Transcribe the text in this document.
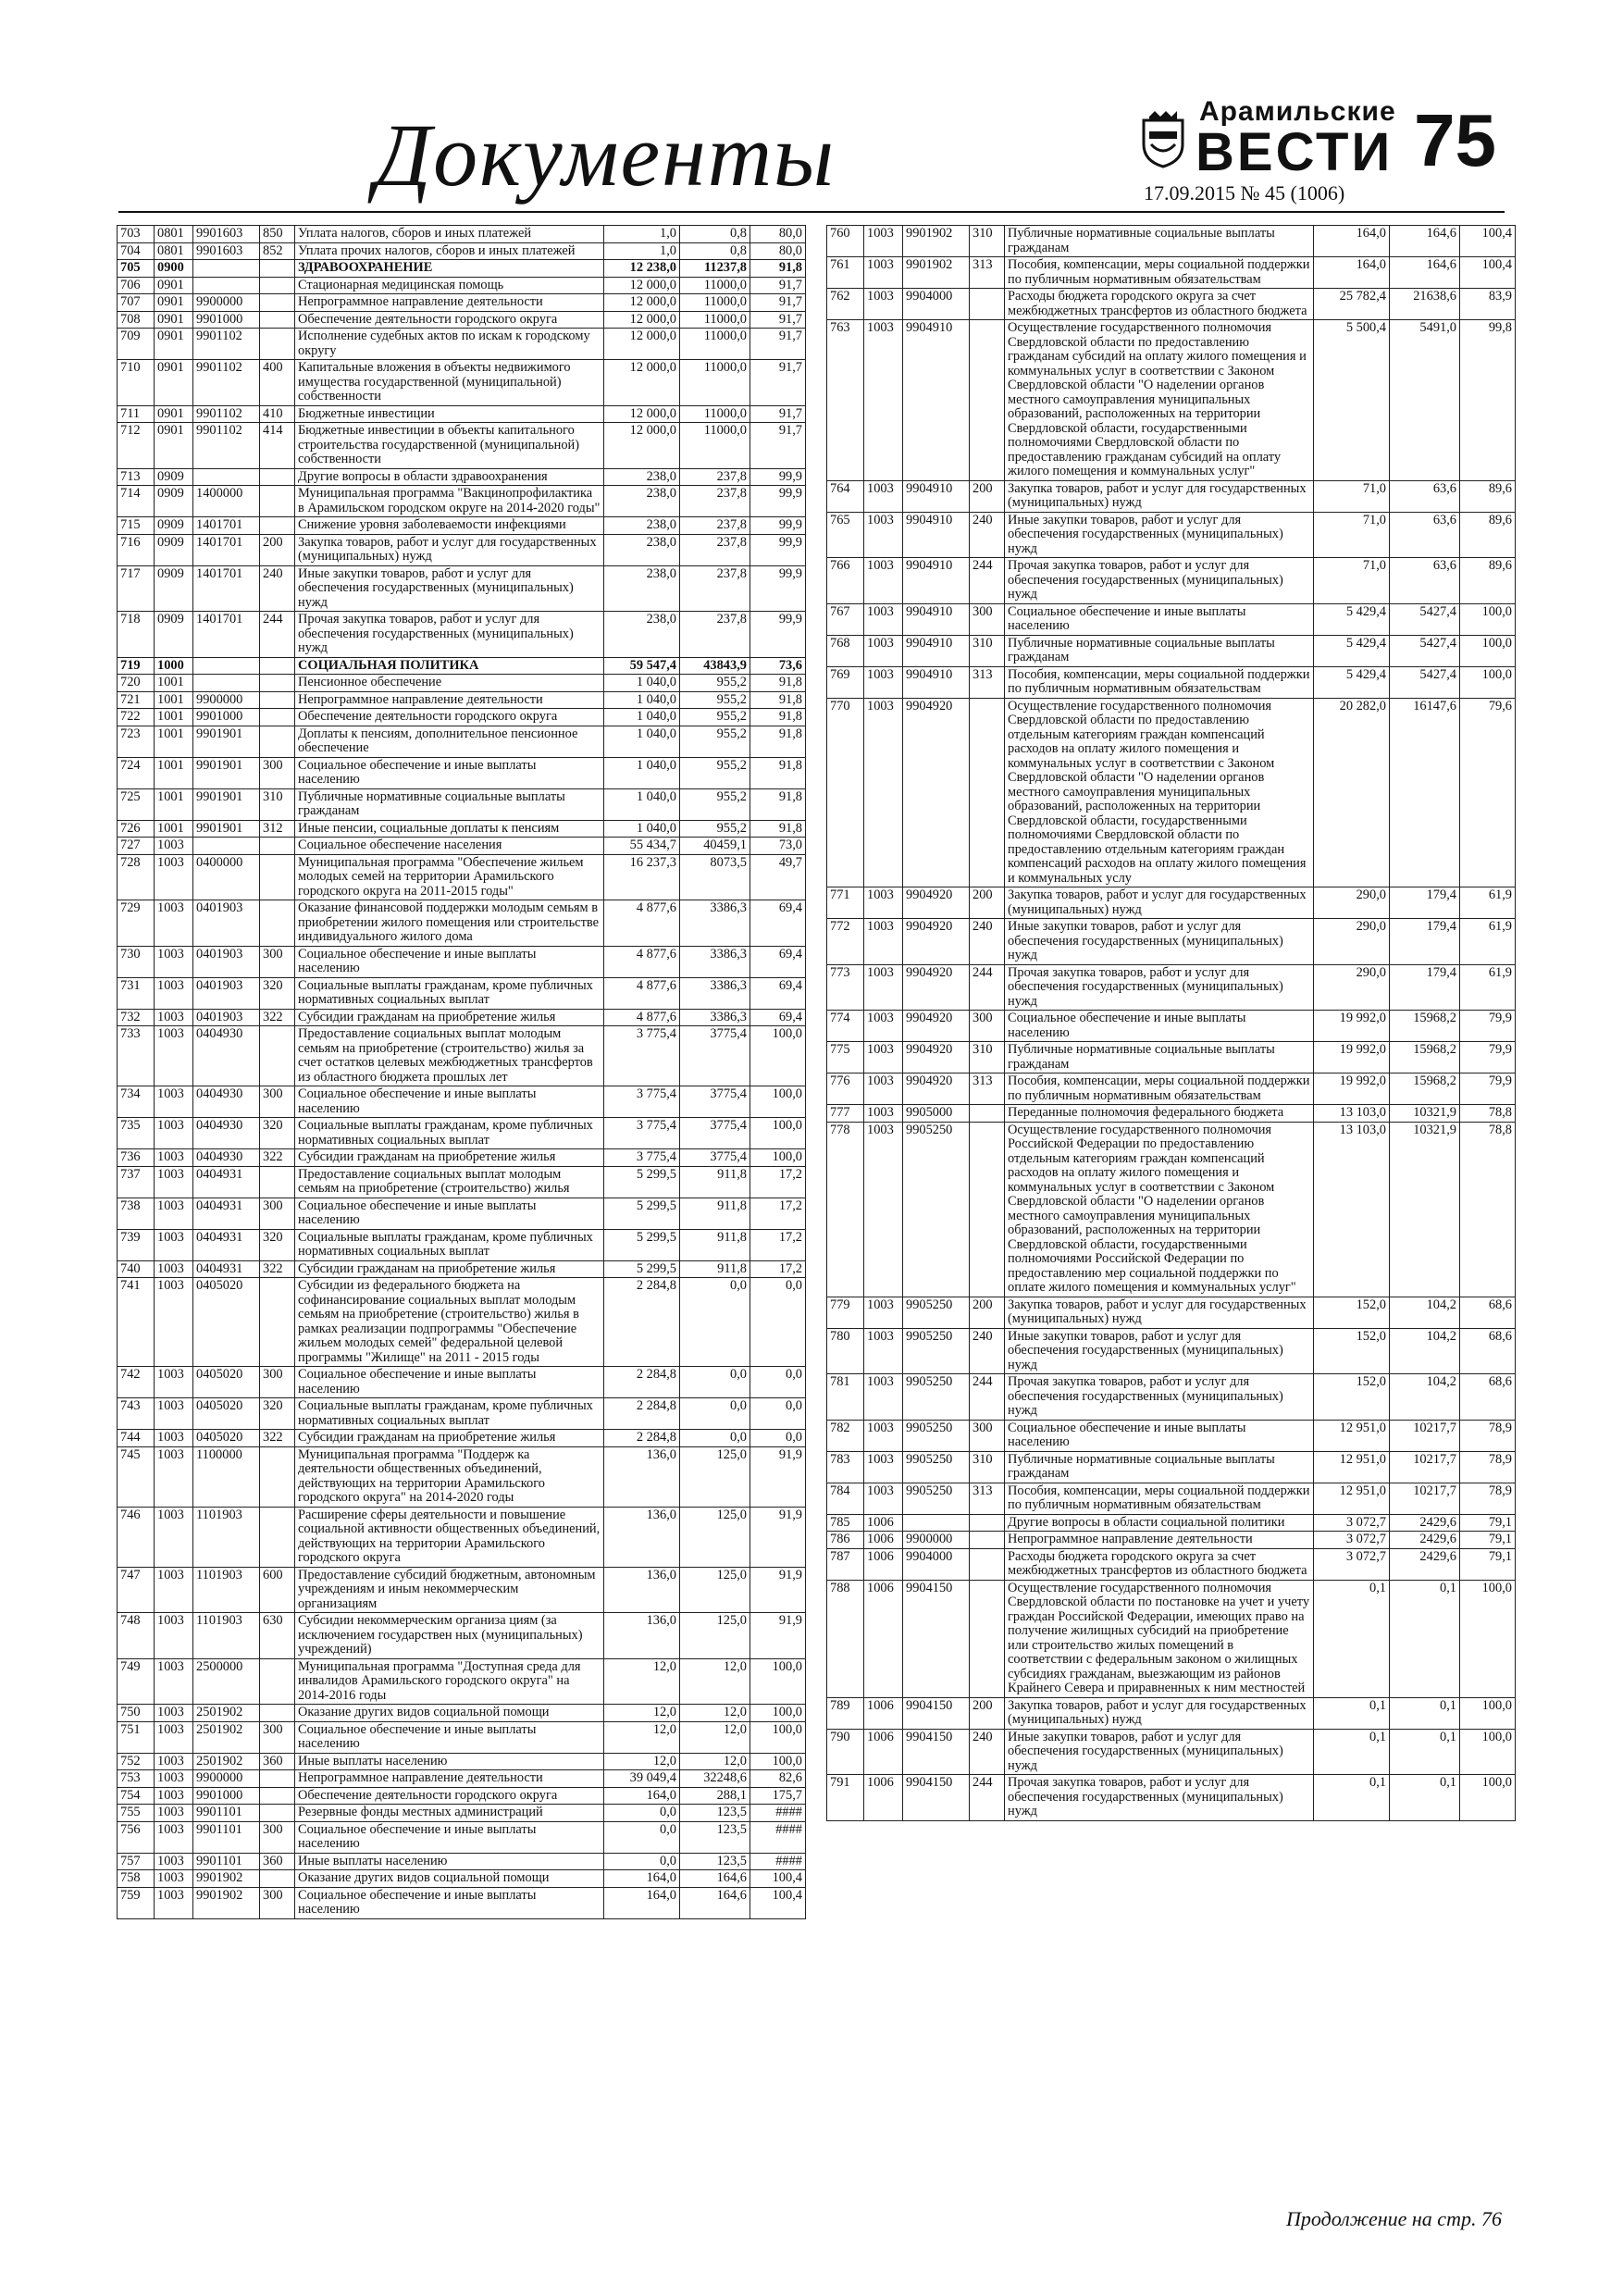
Документы	Арамильские
ВЕСТИ
17.09.2015 № 45 (1006)
75
703	0801	9901603	850	Уплата налогов, сборов и иных платежей	1,0	0,8	80,0
704	0801	9901603	852	Уплата прочих налогов, сборов и иных платежей	1,0	0,8	80,0
705	0900			ЗДРАВООХРАНЕНИЕ	12 238,0	11237,8	91,8
706	0901			Стационарная медицинская помощь	12 000,0	11000,0	91,7
707	0901	9900000		Непрограммное направление деятельности	12 000,0	11000,0	91,7
708	0901	9901000		Обеспечение деятельности городского округа	12 000,0	11000,0	91,7
709	0901	9901102		Исполнение судебных актов по искам к городскому округу	12 000,0	11000,0	91,7
710	0901	9901102	400	Капитальные вложения в объекты недвижимого имущества государственной (муниципальной) собственности	12 000,0	11000,0	91,7
711	0901	9901102	410	Бюджетные инвестиции	12 000,0	11000,0	91,7
712	0901	9901102	414	Бюджетные инвестиции в объекты капитального строительства государственной (муниципальной) собственности	12 000,0	11000,0	91,7
713	0909			Другие вопросы в области здравоохранения	238,0	237,8	99,9
714	0909	1400000		Муниципальная программа "Вакцинопрофилактика в Арамильском городском округе на 2014-2020 годы"	238,0	237,8	99,9
715	0909	1401701		Снижение уровня заболеваемости инфекциями	238,0	237,8	99,9
716	0909	1401701	200	Закупка товаров, работ и услуг для государственных (муниципальных) нужд	238,0	237,8	99,9
717	0909	1401701	240	Иные закупки товаров, работ и услуг для обеспечения государственных (муниципальных) нужд	238,0	237,8	99,9
718	0909	1401701	244	Прочая закупка товаров, работ и услуг для обеспечения государственных (муниципальных) нужд	238,0	237,8	99,9
719	1000			СОЦИАЛЬНАЯ ПОЛИТИКА	59 547,4	43843,9	73,6
720	1001			Пенсионное обеспечение	1 040,0	955,2	91,8
721	1001	9900000		Непрограммное направление деятельности	1 040,0	955,2	91,8
722	1001	9901000		Обеспечение деятельности городского округа	1 040,0	955,2	91,8
723	1001	9901901		Доплаты к пенсиям, дополнительное пенсионное обеспечение	1 040,0	955,2	91,8
724	1001	9901901	300	Социальное обеспечение и иные выплаты населению	1 040,0	955,2	91,8
725	1001	9901901	310	Публичные нормативные социальные выплаты гражданам	1 040,0	955,2	91,8
726	1001	9901901	312	Иные пенсии, социальные доплаты к пенсиям	1 040,0	955,2	91,8
727	1003			Социальное обеспечение населения	55 434,7	40459,1	73,0
728	1003	0400000		Муниципальная программа "Обеспечение жильем молодых семей на территории Арамильского городского округа на 2011-2015 годы"	16 237,3	8073,5	49,7
729	1003	0401903		Оказание финансовой поддержки молодым семьям в приобретении жилого помещения или строительстве индивидуального жилого дома	4 877,6	3386,3	69,4
730	1003	0401903	300	Социальное обеспечение и иные выплаты населению	4 877,6	3386,3	69,4
731	1003	0401903	320	Социальные выплаты гражданам, кроме публичных нормативных социальных выплат	4 877,6	3386,3	69,4
732	1003	0401903	322	Субсидии гражданам на приобретение жилья	4 877,6	3386,3	69,4
733	1003	0404930		Предоставление социальных выплат молодым семьям на приобретение (строительство) жилья за счет остатков целевых межбюджетных трансфертов из областного бюджета прошлых лет	3 775,4	3775,4	100,0
734	1003	0404930	300	Социальное обеспечение и иные выплаты населению	3 775,4	3775,4	100,0
735	1003	0404930	320	Социальные выплаты гражданам, кроме публичных нормативных социальных выплат	3 775,4	3775,4	100,0
736	1003	0404930	322	Субсидии гражданам на приобретение жилья	3 775,4	3775,4	100,0
737	1003	0404931		Предоставление социальных выплат молодым семьям на приобретение (строительство) жилья	5 299,5	911,8	17,2
738	1003	0404931	300	Социальное обеспечение и иные выплаты населению	5 299,5	911,8	17,2
739	1003	0404931	320	Социальные выплаты гражданам, кроме публичных нормативных социальных выплат	5 299,5	911,8	17,2
740	1003	0404931	322	Субсидии гражданам на приобретение жилья	5 299,5	911,8	17,2
741	1003	0405020		Субсидии из федерального бюджета на софинансирование социальных выплат молодым семьям на приобретение (строительство) жилья в рамках реализации подпрограммы "Обеспечение жильем молодых семей" федеральной целевой программы "Жилище" на 2011 - 2015 годы	2 284,8	0,0	0,0
742	1003	0405020	300	Социальное обеспечение и иные выплаты населению	2 284,8	0,0	0,0
743	1003	0405020	320	Социальные выплаты гражданам, кроме публичных нормативных социальных выплат	2 284,8	0,0	0,0
744	1003	0405020	322	Субсидии гражданам на приобретение жилья	2 284,8	0,0	0,0
745	1003	1100000		Муниципальная программа "Поддерж ка деятельности общественных объединений, действующих на территории Арамильского городского округа" на 2014-2020 годы	136,0	125,0	91,9
746	1003	1101903		Расширение сферы деятельности и повышение социальной активности общественных объединений, действующих на территории Арамильского городского округа	136,0	125,0	91,9
747	1003	1101903	600	Предоставление субсидий бюджетным, автономным учреждениям и иным некоммерческим организациям	136,0	125,0	91,9
748	1003	1101903	630	Субсидии некоммерческим организа циям (за исключением государствен ных (муниципальных) учреждений)	136,0	125,0	91,9
749	1003	2500000		Муниципальная программа "Доступная среда для инвалидов Арамильского городского округа" на 2014-2016 годы	12,0	12,0	100,0
750	1003	2501902		Оказание других видов социальной помощи	12,0	12,0	100,0
751	1003	2501902	300	Социальное обеспечение и иные выплаты населению	12,0	12,0	100,0
752	1003	2501902	360	Иные выплаты населению	12,0	12,0	100,0
753	1003	9900000		Непрограммное направление деятельности	39 049,4	32248,6	82,6
754	1003	9901000		Обеспечение деятельности городского округа	164,0	288,1	175,7
755	1003	9901101		Резервные фонды местных администраций	0,0	123,5	####
756	1003	9901101	300	Социальное обеспечение и иные выплаты населению	0,0	123,5	####
757	1003	9901101	360	Иные выплаты населению	0,0	123,5	####
758	1003	9901902		Оказание других видов социальной помощи	164,0	164,6	100,4
759	1003	9901902	300	Социальное обеспечение и иные выплаты населению	164,0	164,6	100,4
760	1003	9901902	310	Публичные нормативные социальные выплаты гражданам	164,0	164,6	100,4
761	1003	9901902	313	Пособия, компенсации, меры социальной поддержки по публичным нормативным обязательствам	164,0	164,6	100,4
762	1003	9904000		Расходы бюджета городского округа за счет межбюджетных трансфертов из областного бюджета	25 782,4	21638,6	83,9
763	1003	9904910		Осуществление государственного полномочия Свердловской области по предоставлению гражданам субсидий на оплату жилого помещения и коммунальных услуг в соответствии с Законом Свердловской области "О наделении органов местного самоуправления муниципальных образований, расположенных на территории Свердловской области, государственными полномочиями Свердловской области по предоставлению гражданам субсидий на оплату жилого помещения и коммунальных услуг"	5 500,4	5491,0	99,8
764	1003	9904910	200	Закупка товаров, работ и услуг для государственных (муниципальных) нужд	71,0	63,6	89,6
765	1003	9904910	240	Иные закупки товаров, работ и услуг для обеспечения государственных (муниципальных) нужд	71,0	63,6	89,6
766	1003	9904910	244	Прочая закупка товаров, работ и услуг для обеспечения государственных (муниципальных) нужд	71,0	63,6	89,6
767	1003	9904910	300	Социальное обеспечение и иные выплаты населению	5 429,4	5427,4	100,0
768	1003	9904910	310	Публичные нормативные социальные выплаты гражданам	5 429,4	5427,4	100,0
769	1003	9904910	313	Пособия, компенсации, меры социальной поддержки по публичным нормативным обязательствам	5 429,4	5427,4	100,0
770	1003	9904920		Осуществление государственного полномочия Свердловской области по предоставлению отдельным категориям граждан компенсаций расходов на оплату жилого помещения и коммунальных услуг в соответствии с Законом Свердловской области "О наделении органов местного самоуправления муниципальных образований, расположенных на территории Свердловской области, государственными полномочиями Свердловской области по предоставлению отдельным категориям граждан компенсаций расходов на оплату жилого помещения и коммунальных услу	20 282,0	16147,6	79,6
771	1003	9904920	200	Закупка товаров, работ и услуг для государственных (муниципальных) нужд	290,0	179,4	61,9
772	1003	9904920	240	Иные закупки товаров, работ и услуг для обеспечения государственных (муниципальных) нужд	290,0	179,4	61,9
773	1003	9904920	244	Прочая закупка товаров, работ и услуг для обеспечения государственных (муниципальных) нужд	290,0	179,4	61,9
774	1003	9904920	300	Социальное обеспечение и иные выплаты населению	19 992,0	15968,2	79,9
775	1003	9904920	310	Публичные нормативные социальные выплаты гражданам	19 992,0	15968,2	79,9
776	1003	9904920	313	Пособия, компенсации, меры социальной поддержки по публичным нормативным обязательствам	19 992,0	15968,2	79,9
777	1003	9905000		Переданные полномочия федерального бюджета	13 103,0	10321,9	78,8
778	1003	9905250		Осуществление государственного полномочия Российской Федерации по предоставлению отдельным категориям граждан компенсаций расходов на оплату жилого помещения и коммунальных услуг в соответствии с Законом Свердловской области "О наделении органов местного самоуправления муниципальных образований, расположенных на территории Свердловской области, государственными полномочиями Российской Федерации по предоставлению мер социальной поддержки по оплате жилого помещения и коммунальных услуг"	13 103,0	10321,9	78,8
779	1003	9905250	200	Закупка товаров, работ и услуг для государственных (муниципальных) нужд	152,0	104,2	68,6
780	1003	9905250	240	Иные закупки товаров, работ и услуг для обеспечения государственных (муниципальных) нужд	152,0	104,2	68,6
781	1003	9905250	244	Прочая закупка товаров, работ и услуг для обеспечения государственных (муниципальных) нужд	152,0	104,2	68,6
782	1003	9905250	300	Социальное обеспечение и иные выплаты населению	12 951,0	10217,7	78,9
783	1003	9905250	310	Публичные нормативные социальные выплаты гражданам	12 951,0	10217,7	78,9
784	1003	9905250	313	Пособия, компенсации, меры социальной поддержки по публичным нормативным обязательствам	12 951,0	10217,7	78,9
785	1006			Другие вопросы в области социальной политики	3 072,7	2429,6	79,1
786	1006	9900000		Непрограммное направление деятельности	3 072,7	2429,6	79,1
787	1006	9904000		Расходы бюджета городского округа за счет межбюджетных трансфертов из областного бюджета	3 072,7	2429,6	79,1
788	1006	9904150		Осуществление государственного полномочия Свердловской области по постановке на учет и учету граждан Российской Федерации, имеющих право на получение жилищных субсидий на приобретение или строительство жилых помещений в соответствии с федеральным законом о жилищных субсидиях гражданам, выезжающим из районов Крайнего Севера и приравненных к ним местностей	0,1	0,1	100,0
789	1006	9904150	200	Закупка товаров, работ и услуг для государственных (муниципальных) нужд	0,1	0,1	100,0
790	1006	9904150	240	Иные закупки товаров, работ и услуг для обеспечения государственных (муниципальных) нужд	0,1	0,1	100,0
791	1006	9904150	244	Прочая закупка товаров, работ и услуг для обеспечения государственных (муниципальных) нужд	0,1	0,1	100,0
Продолжение на стр. 76
